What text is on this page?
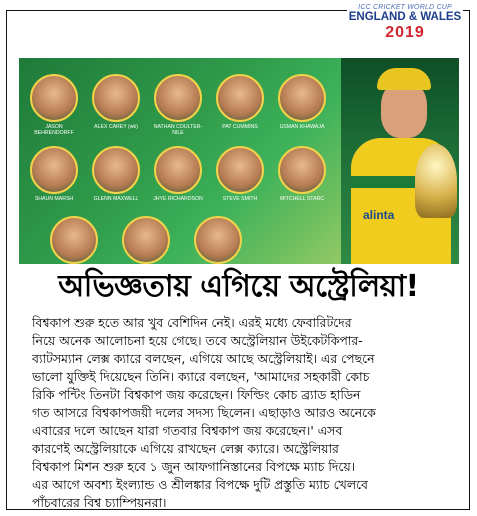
ICC CRICKET WORLD CUP
ENGLAND & WALES
2019
JASON BEHRENDORFF
ALEX CAREY (wk)	NATHAN COULTER-NILE
PAT CUMMINS	USMAN KHAWAJA
SHAUN MARSH	GLENN MAXWELL	JHYE RICHARDSON	STEVE SMITH	MITCHELL STARC
alinta
অভিজ্ঞতায় এগিয়ে অস্ট্রেলিয়া!
বিশ্বকাপ শুরু হতে আর খুব বেশিদিন নেই। এরই মধ্যে ফেবারিটদের
নিয়ে অনেক আলোচনা হয়ে গেছে। তবে অস্ট্রেলিয়ান উইকেটকিপার-
ব্যাটসম্যান লেক্স ক্যারে বলছেন, এগিয়ে আছে অস্ট্রেলিয়াই। এর পেছনে
ভালো যুক্তিই দিয়েছেন তিনি। ক্যারে বলছেন, 'আমাদের সহকারী কোচ
রিকি পন্টিং তিনটা বিশ্বকাপ জয় করেছেন। ফিল্ডিং কোচ ব্র্যাড হাডিন
গত আসরে বিশ্বকাপজয়ী দলের সদস্য ছিলেন। এছাড়াও আরও অনেকে
এবারের দলে আছেন যারা গতবার বিশ্বকাপ জয় করেছেন।' এসব
কারণেই অস্ট্রেলিয়াকে এগিয়ে রাখছেন লেক্স ক্যারে। অস্ট্রেলিয়ার
বিশ্বকাপ মিশন শুরু হবে ১ জুন আফগানিস্তানের বিপক্ষে ম্যাচ দিয়ে।
এর আগে অবশ্য ইংল্যান্ড ও শ্রীলঙ্কার বিপক্ষে দুটি প্রস্তুতি ম্যাচ খেলবে
পাঁচবারের বিশ্ব চ্যাম্পিয়নরা।
